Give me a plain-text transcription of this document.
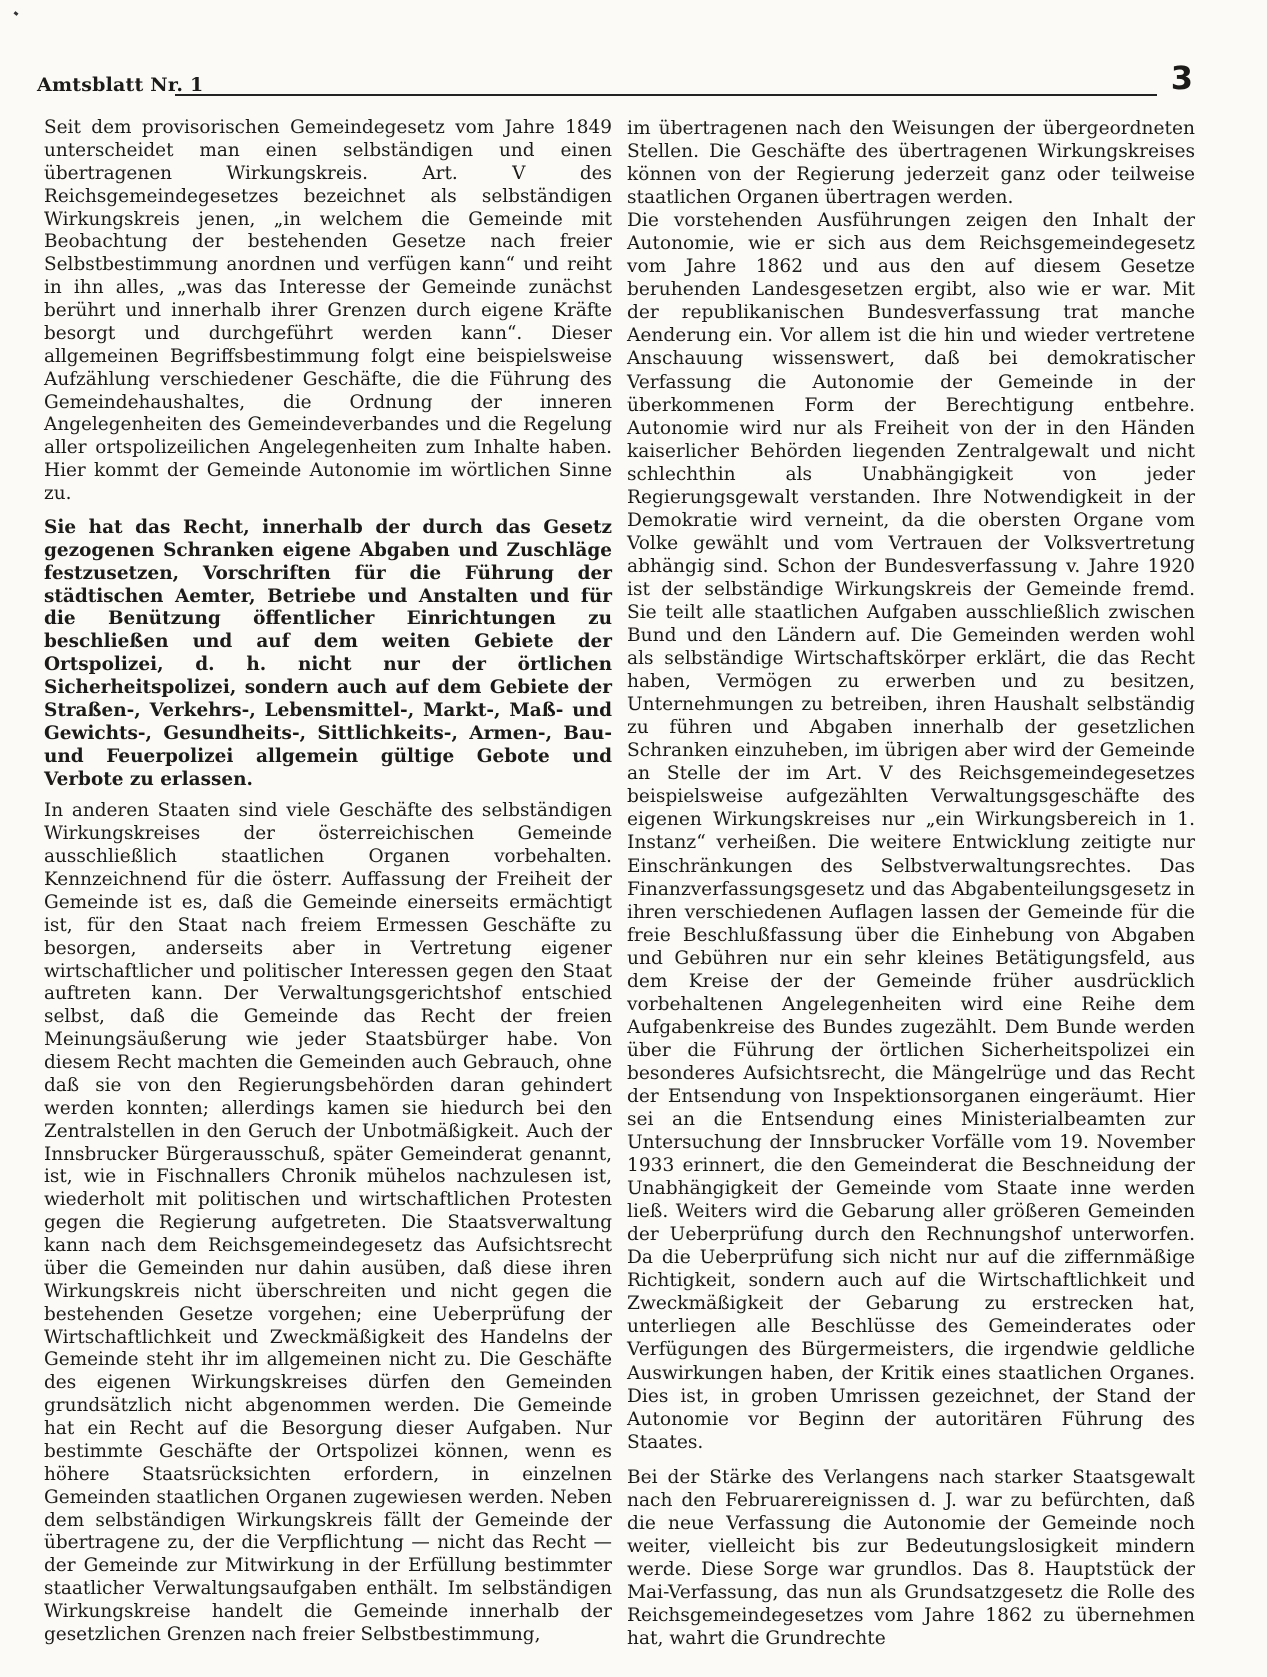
Amtsblatt Nr. 1	3

Seit dem provisorischen Gemeindegesetz vom Jahre 1849 unterscheidet man einen selbständigen und einen übertragenen Wirkungskreis. Art. V des Reichsgemeindegesetzes bezeichnet als selbständigen Wirkungskreis jenen, „in welchem die Gemeinde mit Beobachtung der bestehenden Gesetze nach freier Selbstbestimmung anordnen und verfügen kann“ und reiht in ihn alles, „was das Interesse der Gemeinde zunächst berührt und innerhalb ihrer Grenzen durch eigene Kräfte besorgt und durchgeführt werden kann“. Dieser allgemeinen Begriffsbestimmung folgt eine beispielsweise Aufzählung verschiedener Geschäfte, die die Führung des Gemeindehaushaltes, die Ordnung der inneren Angelegenheiten des Gemeindeverbandes und die Regelung aller ortspolizeilichen Angelegenheiten zum Inhalte haben. Hier kommt der Gemeinde Autonomie im wörtlichen Sinne zu.

Sie hat das Recht, innerhalb der durch das Gesetz gezogenen Schranken eigene Abgaben und Zuschläge festzusetzen, Vorschriften für die Führung der städtischen Aemter, Betriebe und Anstalten und für die Benützung öffentlicher Einrichtungen zu beschließen und auf dem weiten Gebiete der Ortspolizei, d. h. nicht nur der örtlichen Sicherheitspolizei, sondern auch auf dem Gebiete der Straßen-, Verkehrs-, Lebensmittel-, Markt-, Maß- und Gewichts-, Gesundheits-, Sittlichkeits-, Armen-, Bau- und Feuerpolizei allgemein gültige Gebote und Verbote zu erlassen.

In anderen Staaten sind viele Geschäfte des selbständigen Wirkungskreises der österreichischen Gemeinde ausschließlich staatlichen Organen vorbehalten. Kennzeichnend für die österr. Auffassung der Freiheit der Gemeinde ist es, daß die Gemeinde einerseits ermächtigt ist, für den Staat nach freiem Ermessen Geschäfte zu besorgen, anderseits aber in Vertretung eigener wirtschaftlicher und politischer Interessen gegen den Staat auftreten kann. Der Verwaltungsgerichtshof entschied selbst, daß die Gemeinde das Recht der freien Meinungsäußerung wie jeder Staatsbürger habe. Von diesem Recht machten die Gemeinden auch Gebrauch, ohne daß sie von den Regierungsbehörden daran gehindert werden konnten; allerdings kamen sie hiedurch bei den Zentralstellen in den Geruch der Unbotmäßigkeit. Auch der Innsbrucker Bürgerausschuß, später Gemeinderat genannt, ist, wie in Fischnallers Chronik mühelos nachzulesen ist, wiederholt mit politischen und wirtschaftlichen Protesten gegen die Regierung aufgetreten. Die Staatsverwaltung kann nach dem Reichsgemeindegesetz das Aufsichtsrecht über die Gemeinden nur dahin ausüben, daß diese ihren Wirkungskreis nicht überschreiten und nicht gegen die bestehenden Gesetze vorgehen; eine Ueberprüfung der Wirtschaftlichkeit und Zweckmäßigkeit des Handelns der Gemeinde steht ihr im allgemeinen nicht zu. Die Geschäfte des eigenen Wirkungskreises dürfen den Gemeinden grundsätzlich nicht abgenommen werden. Die Gemeinde hat ein Recht auf die Besorgung dieser Aufgaben. Nur bestimmte Geschäfte der Ortspolizei können, wenn es höhere Staatsrücksichten erfordern, in einzelnen Gemeinden staatlichen Organen zugewiesen werden. Neben dem selbständigen Wirkungskreis fällt der Gemeinde der übertragene zu, der die Verpflichtung — nicht das Recht — der Gemeinde zur Mitwirkung in der Erfüllung bestimmter staatlicher Verwaltungsaufgaben enthält. Im selbständigen Wirkungskreise handelt die Gemeinde innerhalb der gesetzlichen Grenzen nach freier Selbstbestimmung,

im übertragenen nach den Weisungen der übergeordneten Stellen. Die Geschäfte des übertragenen Wirkungskreises können von der Regierung jederzeit ganz oder teilweise staatlichen Organen übertragen werden.

Die vorstehenden Ausführungen zeigen den Inhalt der Autonomie, wie er sich aus dem Reichsgemeindegesetz vom Jahre 1862 und aus den auf diesem Gesetze beruhenden Landesgesetzen ergibt, also wie er war. Mit der republikanischen Bundesverfassung trat manche Aenderung ein. Vor allem ist die hin und wieder vertretene Anschauung wissenswert, daß bei demokratischer Verfassung die Autonomie der Gemeinde in der überkommenen Form der Berechtigung entbehre. Autonomie wird nur als Freiheit von der in den Händen kaiserlicher Behörden liegenden Zentralgewalt und nicht schlechthin als Unabhängigkeit von jeder Regierungsgewalt verstanden. Ihre Notwendigkeit in der Demokratie wird verneint, da die obersten Organe vom Volke gewählt und vom Vertrauen der Volksvertretung abhängig sind. Schon der Bundesverfassung v. Jahre 1920 ist der selbständige Wirkungskreis der Gemeinde fremd. Sie teilt alle staatlichen Aufgaben ausschließlich zwischen Bund und den Ländern auf. Die Gemeinden werden wohl als selbständige Wirtschaftskörper erklärt, die das Recht haben, Vermögen zu erwerben und zu besitzen, Unternehmungen zu betreiben, ihren Haushalt selbständig zu führen und Abgaben innerhalb der gesetzlichen Schranken einzuheben, im übrigen aber wird der Gemeinde an Stelle der im Art. V des Reichsgemeindegesetzes beispielsweise aufgezählten Verwaltungsgeschäfte des eigenen Wirkungskreises nur „ein Wirkungsbereich in 1. Instanz“ verheißen. Die weitere Entwicklung zeitigte nur Einschränkungen des Selbstverwaltungsrechtes. Das Finanzverfassungsgesetz und das Abgabenteilungsgesetz in ihren verschiedenen Auflagen lassen der Gemeinde für die freie Beschlußfassung über die Einhebung von Abgaben und Gebühren nur ein sehr kleines Betätigungsfeld, aus dem Kreise der der Gemeinde früher ausdrücklich vorbehaltenen Angelegenheiten wird eine Reihe dem Aufgabenkreise des Bundes zugezählt. Dem Bunde werden über die Führung der örtlichen Sicherheitspolizei ein besonderes Aufsichtsrecht, die Mängelrüge und das Recht der Entsendung von Inspektionsorganen eingeräumt. Hier sei an die Entsendung eines Ministerialbeamten zur Untersuchung der Innsbrucker Vorfälle vom 19. November 1933 erinnert, die den Gemeinderat die Beschneidung der Unabhängigkeit der Gemeinde vom Staate inne werden ließ. Weiters wird die Gebarung aller größeren Gemeinden der Ueberprüfung durch den Rechnungshof unterworfen. Da die Ueberprüfung sich nicht nur auf die ziffernmäßige Richtigkeit, sondern auch auf die Wirtschaftlichkeit und Zweckmäßigkeit der Gebarung zu erstrecken hat, unterliegen alle Beschlüsse des Gemeinderates oder Verfügungen des Bürgermeisters, die irgendwie geldliche Auswirkungen haben, der Kritik eines staatlichen Organes. Dies ist, in groben Umrissen gezeichnet, der Stand der Autonomie vor Beginn der autoritären Führung des Staates.

Bei der Stärke des Verlangens nach starker Staatsgewalt nach den Februarereignissen d. J. war zu befürchten, daß die neue Verfassung die Autonomie der Gemeinde noch weiter, vielleicht bis zur Bedeutungslosigkeit mindern werde. Diese Sorge war grundlos. Das 8. Hauptstück der Mai-Verfassung, das nun als Grundsatzgesetz die Rolle des Reichsgemeindegesetzes vom Jahre 1862 zu übernehmen hat, wahrt die Grundrechte
